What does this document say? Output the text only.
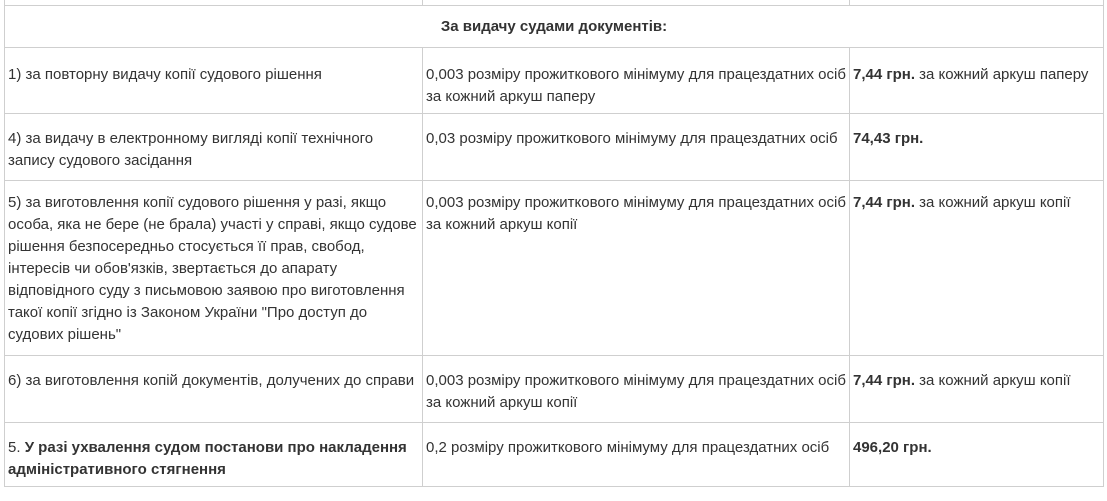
За видачу судами документів:		
1) за повторну видачу копії судового рішення	0,003 розміру прожиткового мінімуму для працездатних осіб за кожний аркуш паперу	7,44 грн. за кожний аркуш паперу
4) за видачу в електронному вигляді копії технічного запису судового засідання	0,03 розміру прожиткового мінімуму для працездатних осіб	74,43 грн.
5) за виготовлення копії судового рішення у разі, якщо особа, яка не бере (не брала) участі у справі, якщо судове рішення безпосередньо стосується її прав, свобод, інтересів чи обов'язків, звертається до апарату відповідного суду з письмовою заявою про виготовлення такої копії згідно із Законом України "Про доступ до судових рішень"	0,003 розміру прожиткового мінімуму для працездатних осіб за кожний аркуш копії	7,44 грн. за кожний аркуш копії
6) за виготовлення копій документів, долучених до справи	0,003 розміру прожиткового мінімуму для працездатних осіб за кожний аркуш копії	7,44 грн. за кожний аркуш копії
5. У разі ухвалення судом постанови про накладення адміністративного стягнення	0,2 розміру прожиткового мінімуму для працездатних осіб	496,20 грн.
